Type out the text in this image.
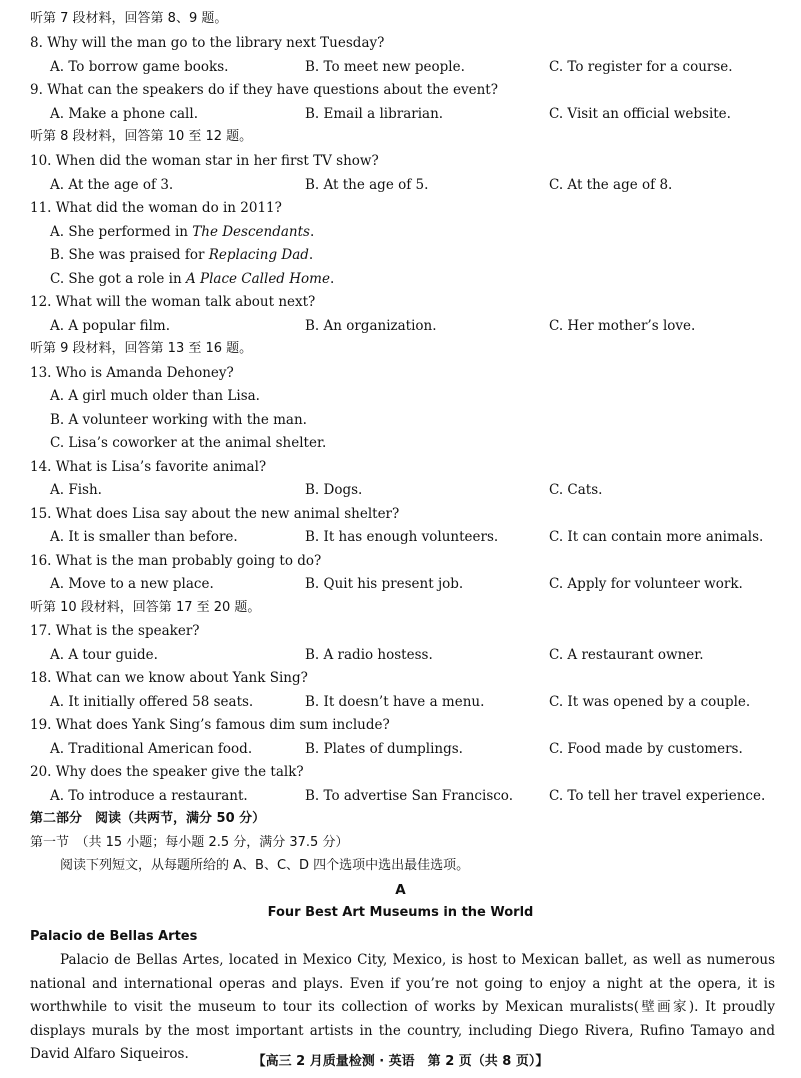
听第 7 段材料，回答第 8、9 题。
8. Why will the man go to the library next Tuesday?
A. To borrow game books.	B. To meet new people.	C. To register for a course.
9. What can the speakers do if they have questions about the event?
A. Make a phone call.	B. Email a librarian.	C. Visit an official website.
听第 8 段材料，回答第 10 至 12 题。
10. When did the woman star in her first TV show?
A. At the age of 3.	B. At the age of 5.	C. At the age of 8.
11. What did the woman do in 2011?
A. She performed in The Descendants.
B. She was praised for Replacing Dad.
C. She got a role in A Place Called Home.
12. What will the woman talk about next?
A. A popular film.	B. An organization.	C. Her mother’s love.
听第 9 段材料，回答第 13 至 16 题。
13. Who is Amanda Dehoney?
A. A girl much older than Lisa.
B. A volunteer working with the man.
C. Lisa’s coworker at the animal shelter.
14. What is Lisa’s favorite animal?
A. Fish.	B. Dogs.	C. Cats.
15. What does Lisa say about the new animal shelter?
A. It is smaller than before.	B. It has enough volunteers.	C. It can contain more animals.
16. What is the man probably going to do?
A. Move to a new place.	B. Quit his present job.	C. Apply for volunteer work.
听第 10 段材料，回答第 17 至 20 题。
17. What is the speaker?
A. A tour guide.	B. A radio hostess.	C. A restaurant owner.
18. What can we know about Yank Sing?
A. It initially offered 58 seats.	B. It doesn’t have a menu.	C. It was opened by a couple.
19. What does Yank Sing’s famous dim sum include?
A. Traditional American food.	B. Plates of dumplings.	C. Food made by customers.
20. Why does the speaker give the talk?
A. To introduce a restaurant.	B. To advertise San Francisco.	C. To tell her travel experience.
第二部分　阅读（共两节，满分 50 分）
第一节　（共 15 小题；每小题 2.5 分，满分 37.5 分）
阅读下列短文，从每题所给的 A、B、C、D 四个选项中选出最佳选项。
A
Four Best Art Museums in the World
Palacio de Bellas Artes
Palacio de Bellas Artes, located in Mexico City, Mexico, is host to Mexican ballet, as well as numerous national and international operas and plays. Even if you’re not going to enjoy a night at the opera, it is worthwhile to visit the museum to tour its collection of works by Mexican muralists(壁画家). It proudly displays murals by the most important artists in the country, including Diego Rivera, Rufino Tamayo and David Alfaro Siqueiros.	【高三 2 月质量检测 · 英语　第 2 页（共 8 页）】
